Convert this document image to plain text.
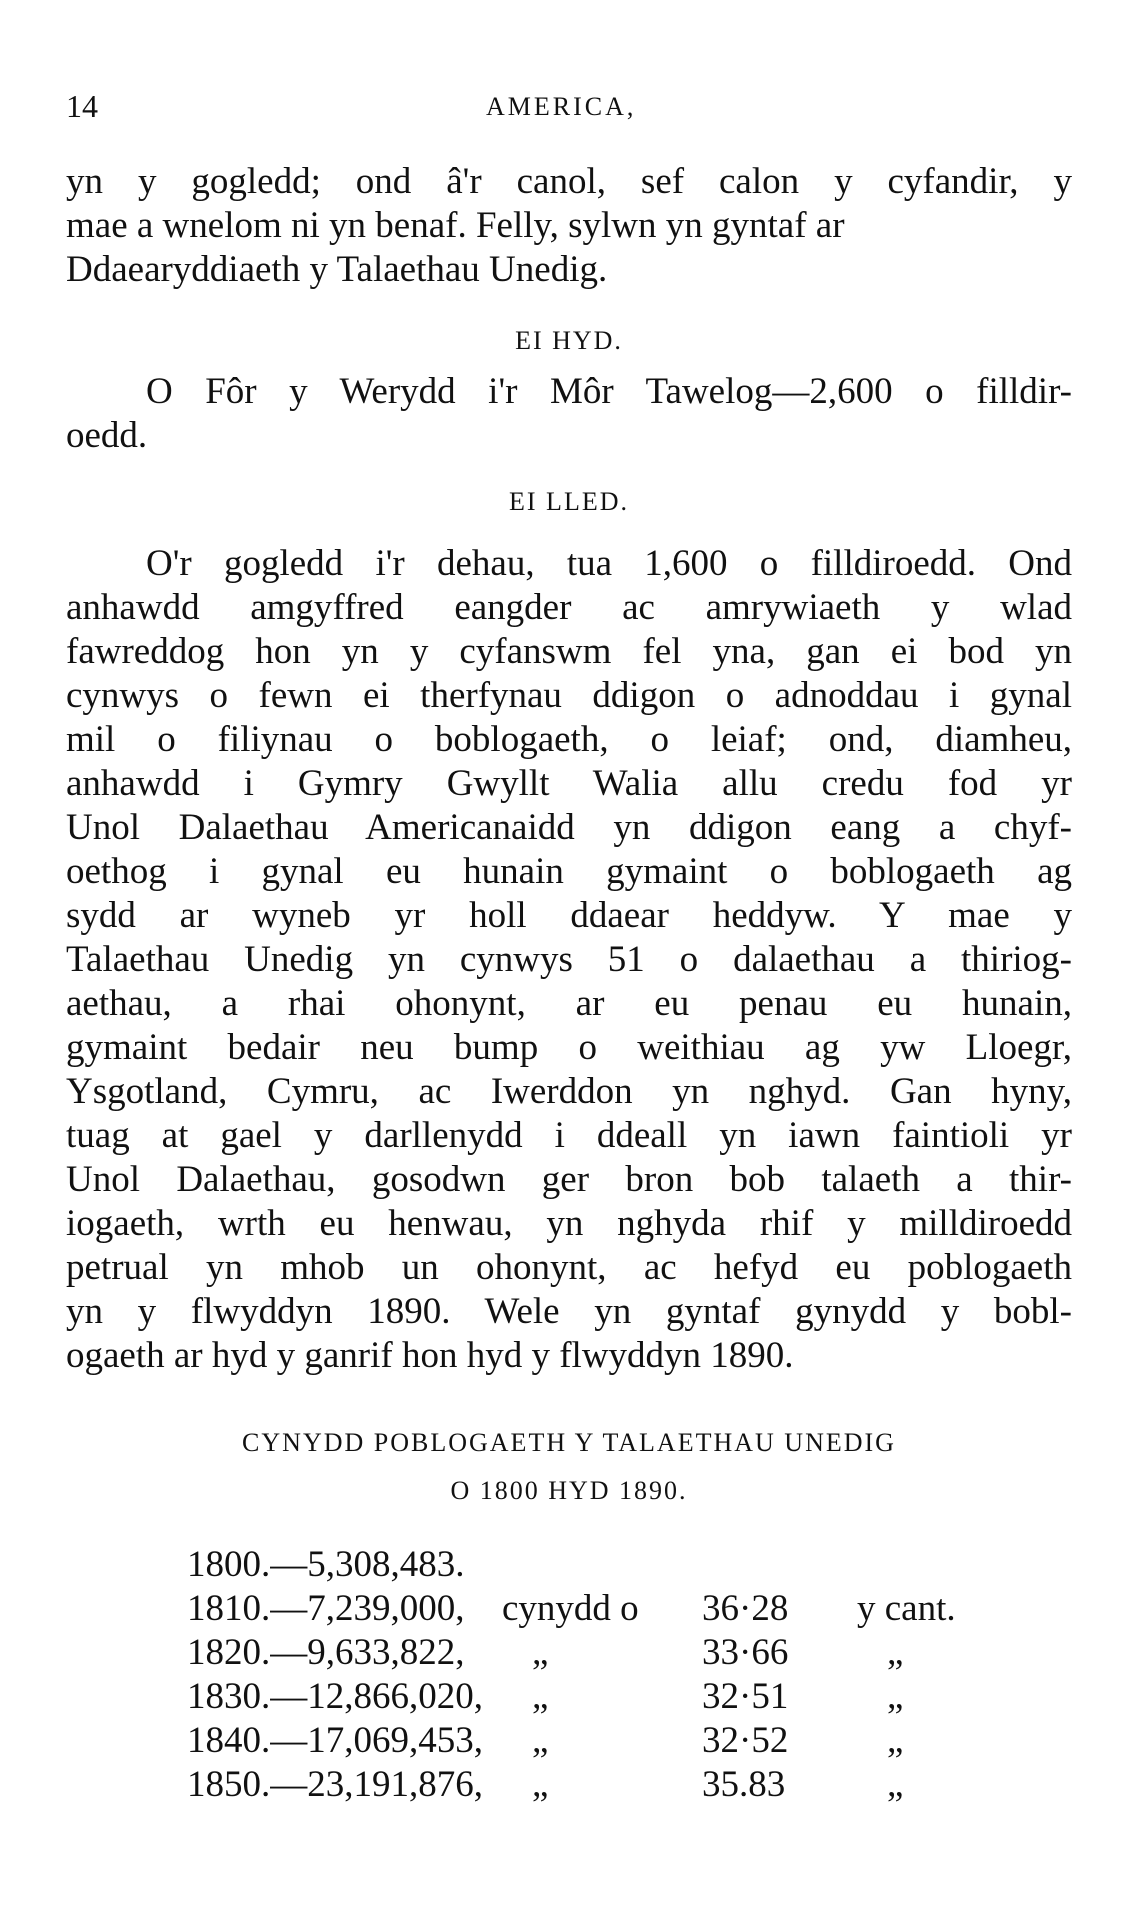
14	AMERICA,
yn y gogledd; ond â'r canol, sef calon y cyfandir, y
mae a wnelom ni yn benaf. Felly, sylwn yn gyntaf ar
Ddaearyddiaeth y Talaethau Unedig.
EI HYD.
O Fôr y Werydd i'r Môr Tawelog—2,600 o filldir-
oedd.
EI LLED.
O'r gogledd i'r dehau, tua 1,600 o filldiroedd. Ond
anhawdd amgyffred eangder ac amrywiaeth y wlad
fawreddog hon yn y cyfanswm fel yna, gan ei bod yn
cynwys o fewn ei therfynau ddigon o adnoddau i gynal
mil o filiynau o boblogaeth, o leiaf; ond, diamheu,
anhawdd i Gymry Gwyllt Walia allu credu fod yr
Unol Dalaethau Americanaidd yn ddigon eang a chyf-
oethog i gynal eu hunain gymaint o boblogaeth ag
sydd ar wyneb yr holl ddaear heddyw. Y mae y
Talaethau Unedig yn cynwys 51 o dalaethau a thiriog-
aethau, a rhai ohonynt, ar eu penau eu hunain,
gymaint bedair neu bump o weithiau ag yw Lloegr,
Ysgotland, Cymru, ac Iwerddon yn nghyd. Gan hyny,
tuag at gael y darllenydd i ddeall yn iawn faintioli yr
Unol Dalaethau, gosodwn ger bron bob talaeth a thir-
iogaeth, wrth eu henwau, yn nghyda rhif y milldiroedd
petrual yn mhob un ohonynt, ac hefyd eu poblogaeth
yn y flwyddyn 1890. Wele yn gyntaf gynydd y bobl-
ogaeth ar hyd y ganrif hon hyd y flwyddyn 1890.
CYNYDD POBLOGAETH Y TALAETHAU UNEDIG
O 1800 HYD 1890.
1800.—5,308,483.
1810.—7,239,000, cynydd o 36·28 y cant.
1820.—9,633,822, „	33·66	„
1830.—12,866,020, „	32·51	„
1840.—17,069,453, „	32·52	„
1850.—23,191,876, „	35.83	„
